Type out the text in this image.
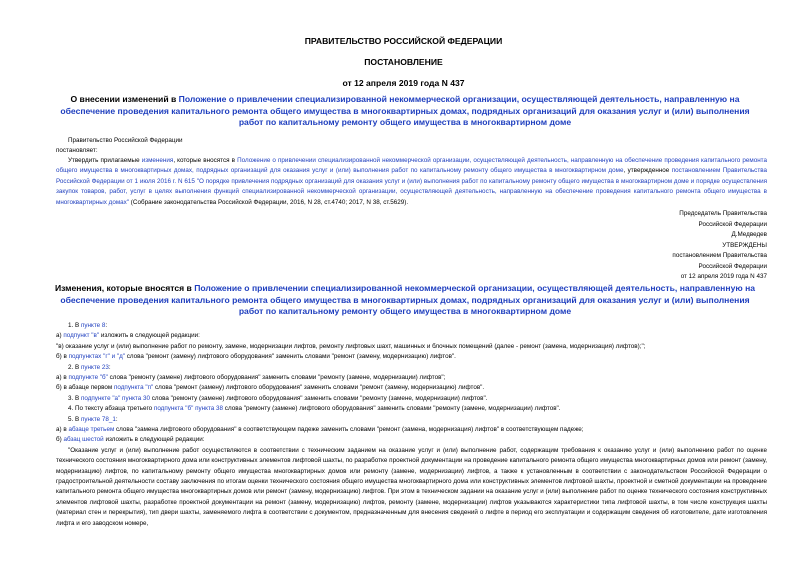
ПРАВИТЕЛЬСТВО РОССИЙСКОЙ ФЕДЕРАЦИИ
ПОСТАНОВЛЕНИЕ
от 12 апреля 2019 года N 437
О внесении изменений в Положение о привлечении специализированной некоммерческой организации, осуществляющей деятельность, направленную на
обеспечение проведения капитального ремонта общего имущества в многоквартирных домах, подрядных организаций для оказания услуг и (или) выполнения
работ по капитальному ремонту общего имущества в многоквартирном доме
Правительство Российской Федерации
постановляет:
Утвердить прилагаемые изменения, которые вносятся в Положение о привлечении специализированной некоммерческой организации, осуществляющей деятельность, направленную на обеспечение проведения капитального ремонта общего имущества в многоквартирных домах, подрядных организаций для оказания услуг и (или) выполнения работ по капитальному ремонту общего имущества в многоквартирном доме, утвержденное постановлением Правительства Российской Федерации от 1 июля 2016 г. N 615 "О порядке привлечения подрядных организаций для оказания услуг и (или) выполнения работ по капитальному ремонту общего имущества в многоквартирном доме и порядке осуществления закупок товаров, работ, услуг в целях выполнения функций специализированной некоммерческой организации, осуществляющей деятельность, направленную на обеспечение проведения капитального ремонта общего имущества в многоквартирных домах" (Собрание законодательства Российской Федерации, 2016, N 28, ст.4740; 2017, N 38, ст.5629).
Председатель Правительства
Российской Федерации
Д.Медведев
УТВЕРЖДЕНЫ
постановлением Правительства
Российской Федерации
от 12 апреля 2019 года N 437
Изменения, которые вносятся в Положение о привлечении специализированной некоммерческой организации, осуществляющей деятельность, направленную на
обеспечение проведения капитального ремонта общего имущества в многоквартирных домах, подрядных организаций для оказания услуг и (или) выполнения
работ по капитальному ремонту общего имущества в многоквартирном доме
1. В пункте 8:
а) подпункт "в" изложить в следующей редакции:
"в) оказание услуг и (или) выполнение работ по ремонту, замене, модернизации лифтов, ремонту лифтовых шахт, машинных и блочных помещений (далее - ремонт (замена, модернизация) лифтов);";
б) в подпунктах "г" и "д" слова "ремонт (замену) лифтового оборудования" заменить словами "ремонт (замену, модернизацию) лифтов".
2. В пункте 23:
а) в подпункте "б" слова "ремонту (замене) лифтового оборудования" заменить словами "ремонту (замене, модернизации) лифтов";
б) в абзаце первом подпункта "п" слова "ремонт (замену) лифтового оборудования" заменить словами "ремонт (замену, модернизацию) лифтов".
3. В подпункте "а" пункта 30 слова "ремонту (замене) лифтового оборудования" заменить словами "ремонту (замене, модернизации) лифтов".
4. По тексту абзаца третьего подпункта "б" пункта 38 слова "ремонту (замене) лифтового оборудования" заменить словами "ремонту (замене, модернизации) лифтов".
5. В пункте 78_1:
а) в абзаце третьем слова "замена лифтового оборудования" в соответствующем падеже заменить словами "ремонт (замена, модернизация) лифтов" в соответствующем падеже;
б) абзац шестой изложить в следующей редакции:
"Оказание услуг и (или) выполнение работ осуществляются в соответствии с техническим заданием на оказание услуг и (или) выполнение работ, содержащим требования к оказанию услуг и (или) выполнению работ по оценке технического состояния многоквартирного дома или конструктивных элементов лифтовой шахты, по разработке проектной документации на проведение капитального ремонта общего имущества многоквартирных домов или ремонт (замену, модернизацию) лифтов, по капитальному ремонту общего имущества многоквартирных домов или ремонту (замене, модернизации) лифтов, а также к установленным в соответствии с законодательством Российской Федерации о градостроительной деятельности составу заключения по итогам оценки технического состояния общего имущества многоквартирного дома или конструктивных элементов лифтовой шахты, проектной и сметной документации на проведение капитального ремонта общего имущества многоквартирных домов или ремонт (замену, модернизацию) лифтов. При этом в техническом задании на оказание услуг и (или) выполнение работ по оценке технического состояния конструктивных элементов лифтовой шахты, разработке проектной документации на ремонт (замену, модернизацию) лифтов, ремонту (замене, модернизации) лифтов указываются характеристики типа лифтовой шахты, в том числе конструкция шахты (материал стен и перекрытия), тип двери шахты, заменяемого лифта в соответствии с документом, предназначенным для внесения сведений о лифте в период его эксплуатации и содержащим сведения об изготовителе, дате изготовления лифта и его заводском номере,
